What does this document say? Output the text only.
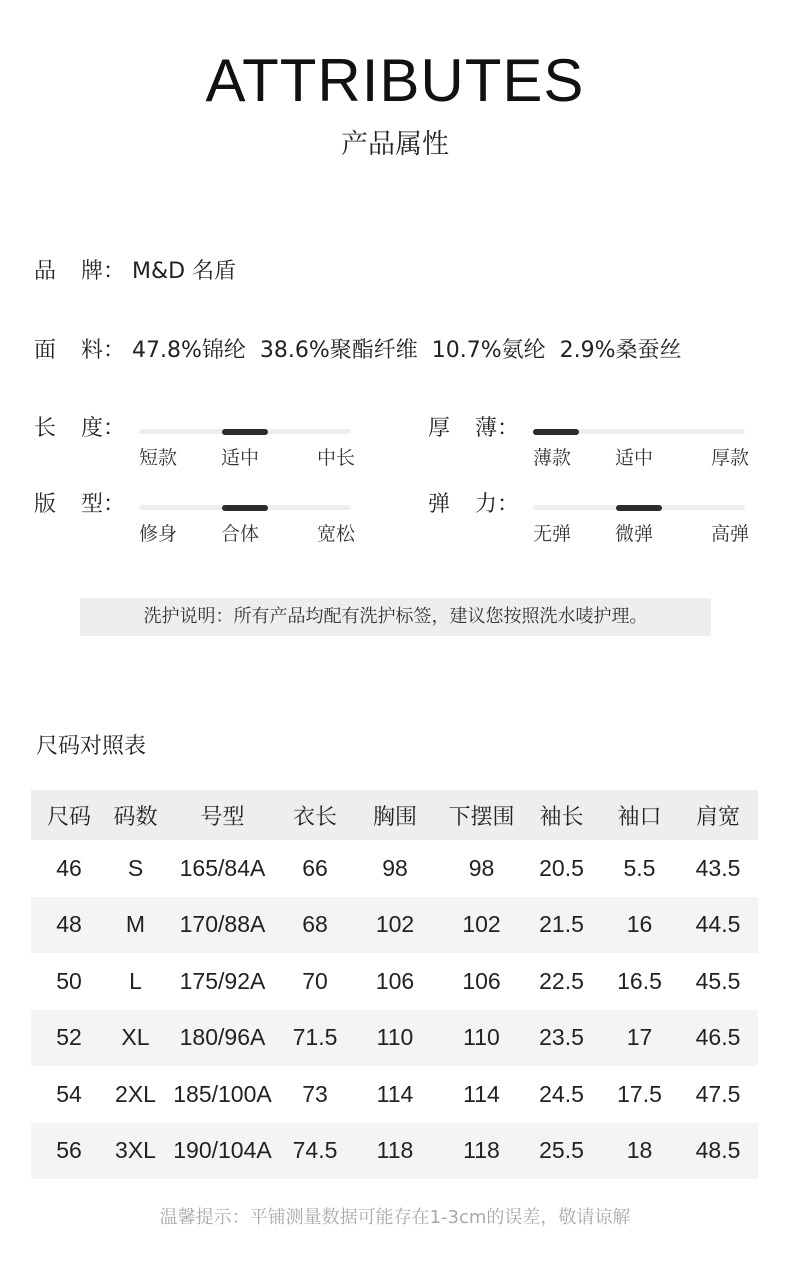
ATTRIBUTES
产品属性
品 牌： M&D 名盾
面 料： 47.8%锦纶  38.6%聚酯纤维  10.7%氨纶  2.9%桑蚕丝
长 度：
短款 适中	中长
厚 薄：
薄款 适中	厚款
版 型：
修身 合体	宽松
弹 力：
无弹 微弹	高弹
洗护说明：所有产品均配有洗护标签，建议您按照洗水唛护理。
尺码对照表
尺码	码数	号型	衣长	胸围	下摆围	袖长	袖口	肩宽
46	S	165/84A	66	98	98	20.5	5.5	43.5
48	M	170/88A	68	102	102	21.5	16	44.5
50	L	175/92A	70	106	106	22.5	16.5	45.5
52	XL	180/96A	71.5	110	110	23.5	17	46.5
54	2XL	185/100A	73	114	114	24.5	17.5	47.5
56	3XL	190/104A	74.5	118	118	25.5	18	48.5
温馨提示：平铺测量数据可能存在1-3cm的误差，敬请谅解
